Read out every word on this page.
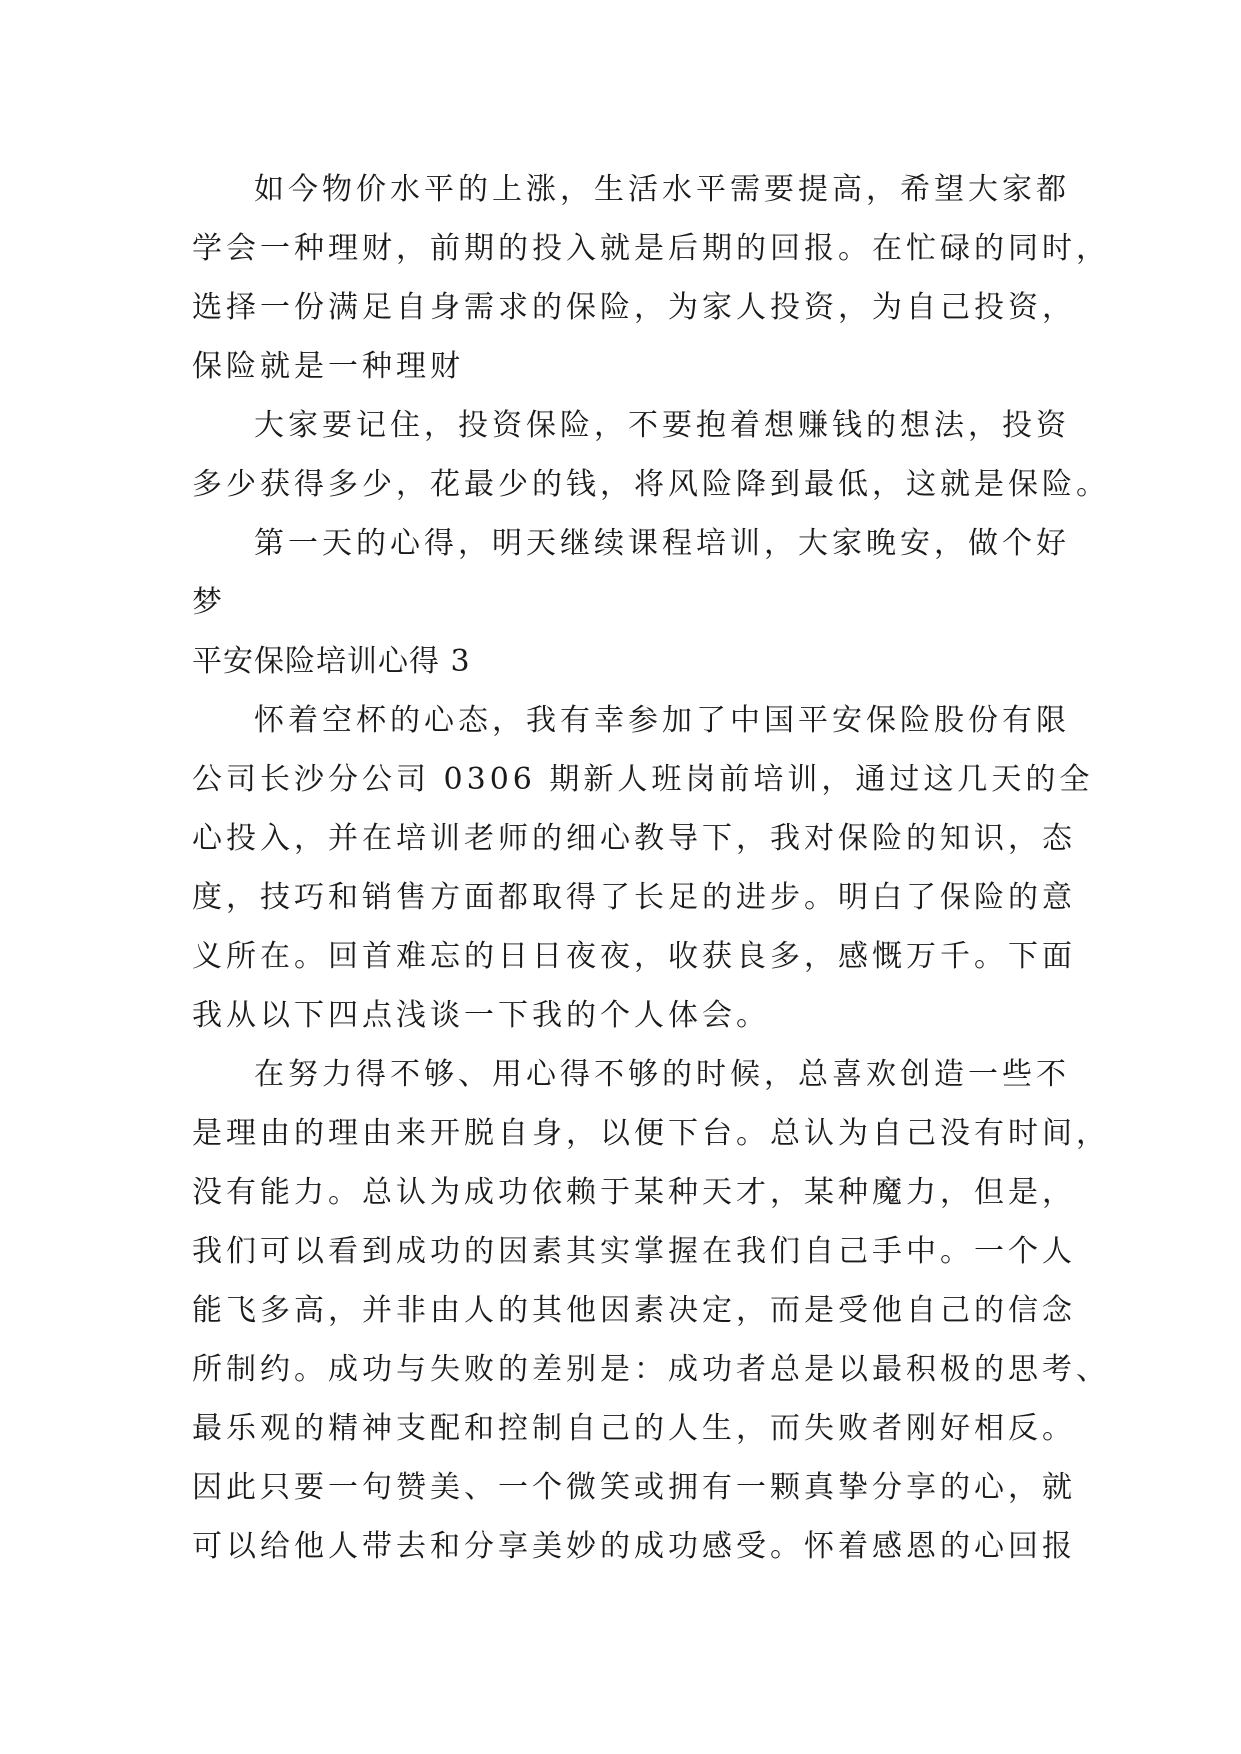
如今物价水平的上涨，生活水平需要提高，希望大家都
学会一种理财，前期的投入就是后期的回报。在忙碌的同时，
选择一份满足自身需求的保险，为家人投资，为自己投资，
保险就是一种理财
大家要记住，投资保险，不要抱着想赚钱的想法，投资
多少获得多少，花最少的钱，将风险降到最低，这就是保险。
第一天的心得，明天继续课程培训，大家晚安，做个好
梦
平安保险培训心得 3
怀着空杯的心态，我有幸参加了中国平安保险股份有限
公司长沙分公司 0306 期新人班岗前培训，通过这几天的全
心投入，并在培训老师的细心教导下，我对保险的知识，态
度，技巧和销售方面都取得了长足的进步。明白了保险的意
义所在。回首难忘的日日夜夜，收获良多，感慨万千。下面
我从以下四点浅谈一下我的个人体会。
在努力得不够、用心得不够的时候，总喜欢创造一些不
是理由的理由来开脱自身，以便下台。总认为自己没有时间，
没有能力。总认为成功依赖于某种天才，某种魔力，但是，
我们可以看到成功的因素其实掌握在我们自己手中。一个人
能飞多高，并非由人的其他因素决定，而是受他自己的信念
所制约。成功与失败的差别是：成功者总是以最积极的思考、
最乐观的精神支配和控制自己的人生，而失败者刚好相反。
因此只要一句赞美、一个微笑或拥有一颗真挚分享的心，就
可以给他人带去和分享美妙的成功感受。怀着感恩的心回报
